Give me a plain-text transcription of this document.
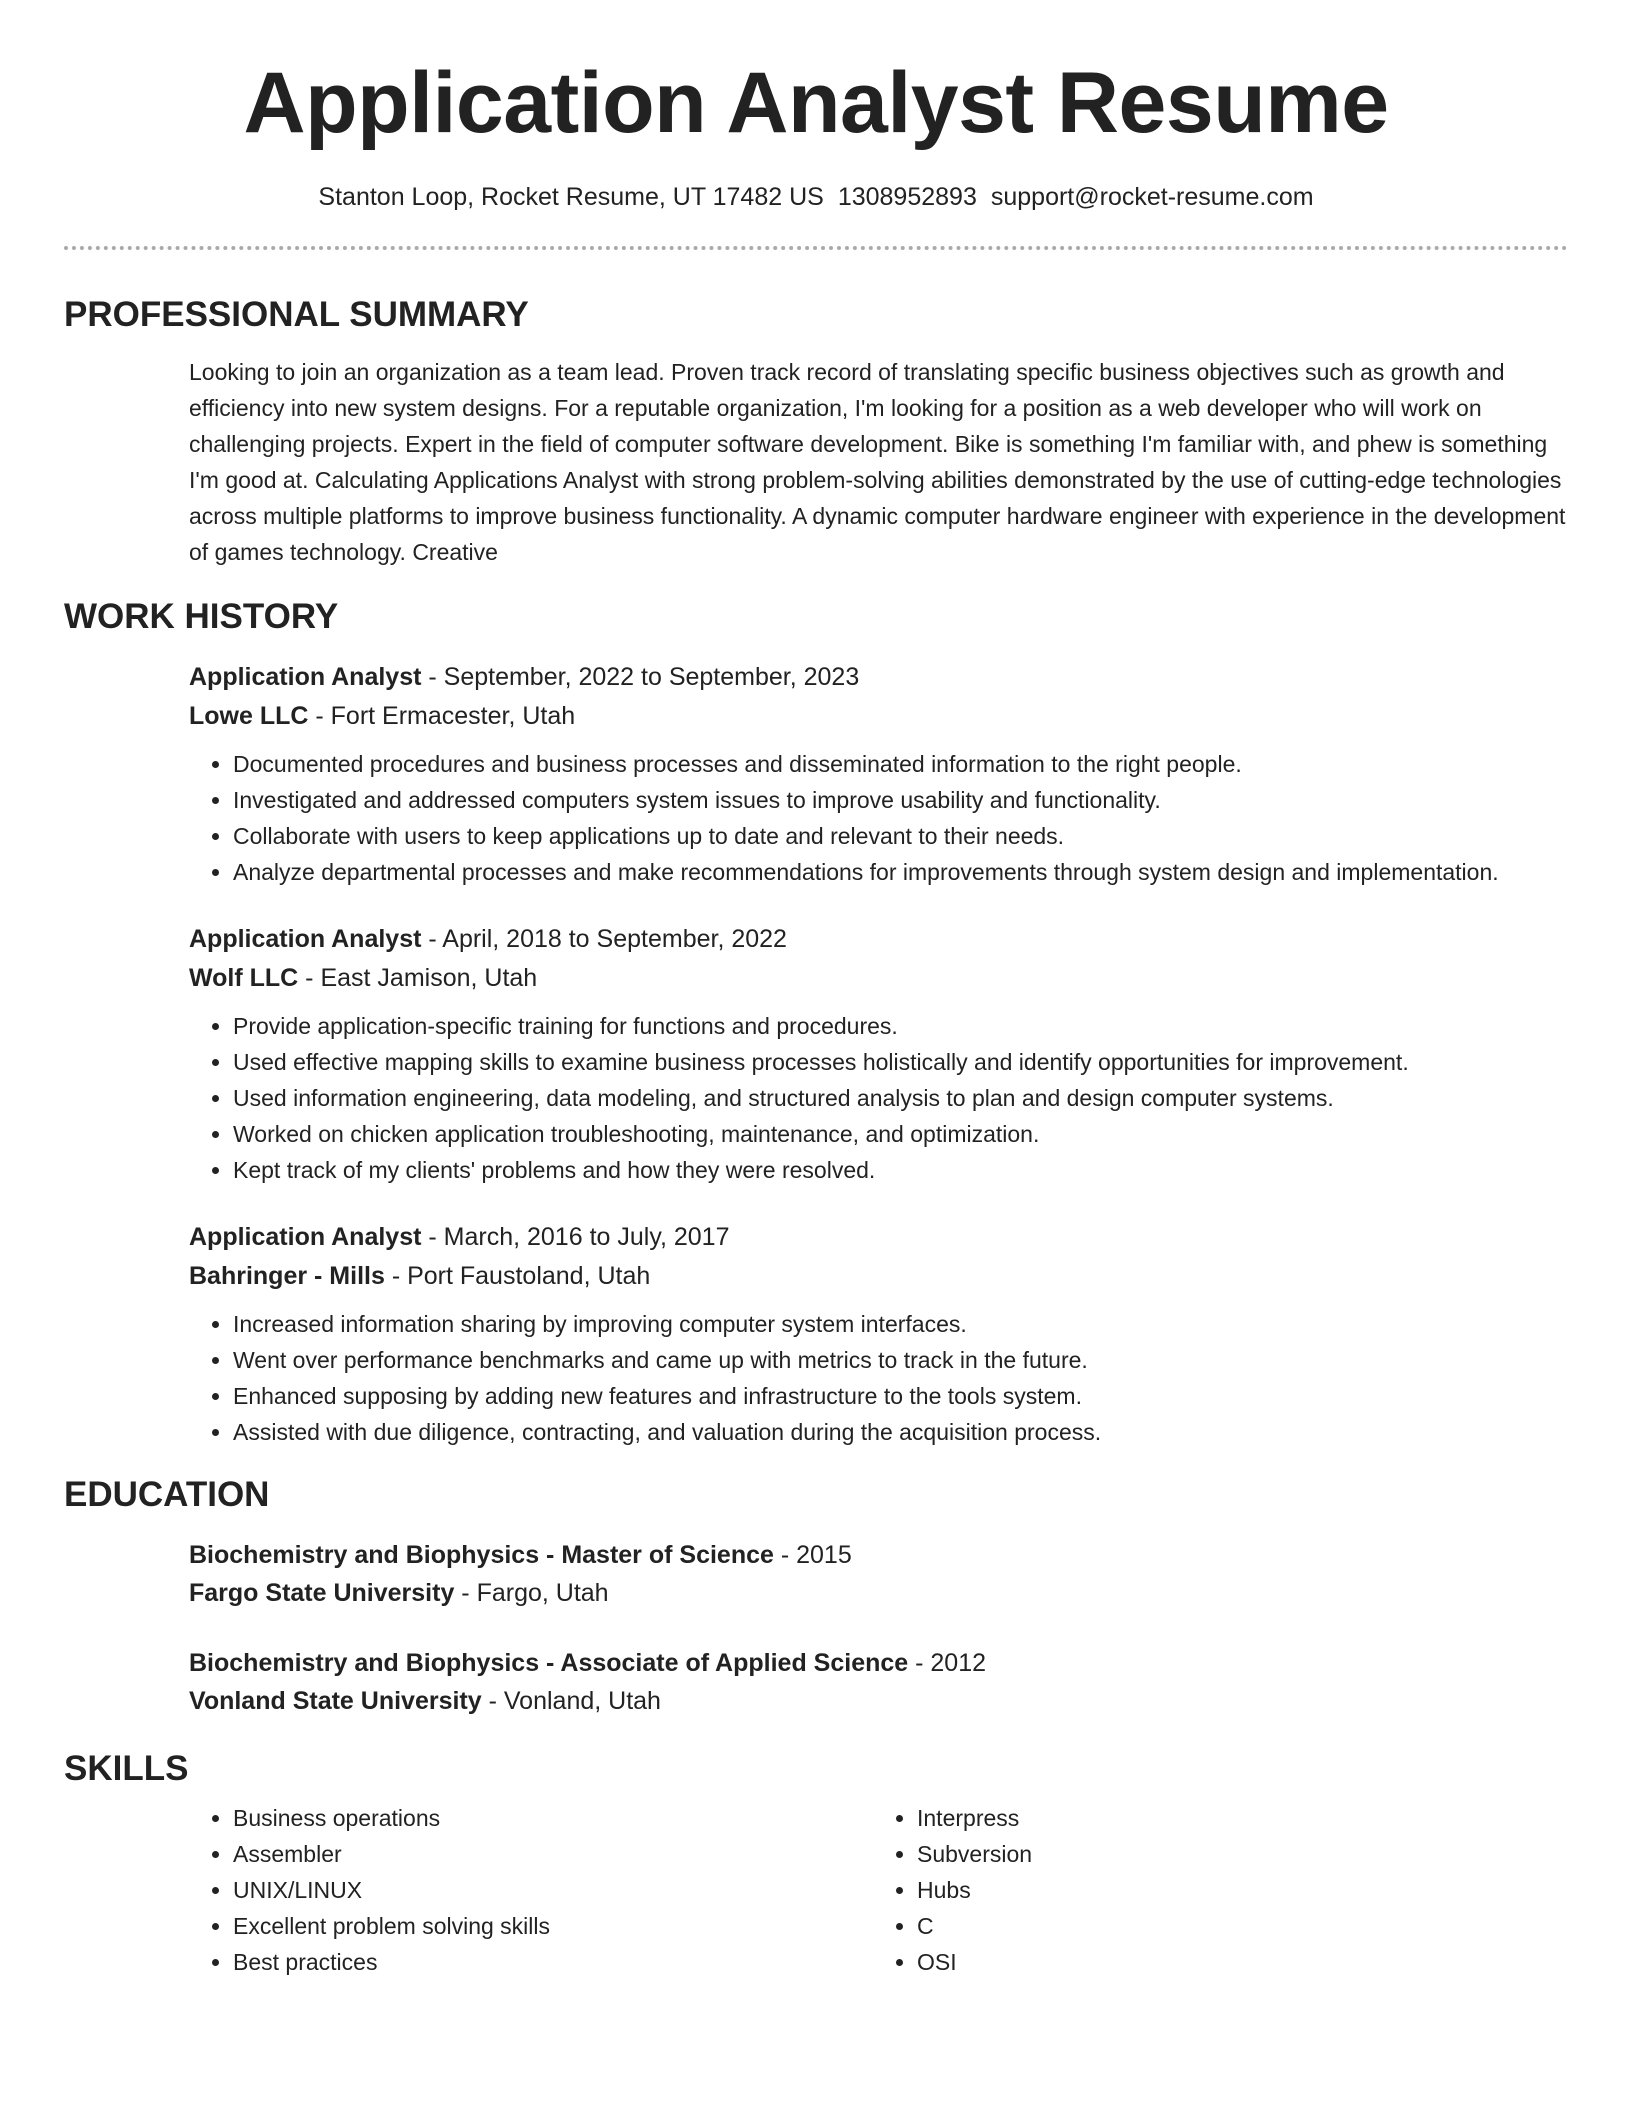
Application Analyst Resume
Stanton Loop, Rocket Resume, UT 17482 US 1308952893 support@rocket-resume.com
PROFESSIONAL SUMMARY

Looking to join an organization as a team lead. Proven track record of translating specific business objectives such as growth and efficiency into new system designs. For a reputable organization, I'm looking for a position as a web developer who will work on challenging projects. Expert in the field of computer software development. Bike is something I'm familiar with, and phew is something I'm good at. Calculating Applications Analyst with strong problem-solving abilities demonstrated by the use of cutting-edge technologies across multiple platforms to improve business functionality. A dynamic computer hardware engineer with experience in the development of games technology. Creative

WORK HISTORY
Application Analyst - September, 2022 to September, 2023
Lowe LLC - Fort Ermacester, Utah
• Documented procedures and business processes and disseminated information to the right people.
• Investigated and addressed computers system issues to improve usability and functionality.
• Collaborate with users to keep applications up to date and relevant to their needs.
• Analyze departmental processes and make recommendations for improvements through system design and implementation.
Application Analyst - April, 2018 to September, 2022
Wolf LLC - East Jamison, Utah
• Provide application-specific training for functions and procedures.
• Used effective mapping skills to examine business processes holistically and identify opportunities for improvement.
• Used information engineering, data modeling, and structured analysis to plan and design computer systems.
• Worked on chicken application troubleshooting, maintenance, and optimization.
• Kept track of my clients' problems and how they were resolved.
Application Analyst - March, 2016 to July, 2017
Bahringer - Mills - Port Faustoland, Utah
• Increased information sharing by improving computer system interfaces.
• Went over performance benchmarks and came up with metrics to track in the future.
• Enhanced supposing by adding new features and infrastructure to the tools system.
• Assisted with due diligence, contracting, and valuation during the acquisition process.
EDUCATION
Biochemistry and Biophysics - Master of Science - 2015
Fargo State University - Fargo, Utah
Biochemistry and Biophysics - Associate of Applied Science - 2012
Vonland State University - Vonland, Utah
SKILLS
• Business operations
• Assembler
• UNIX/LINUX
• Excellent problem solving skills
• Best practices
• Interpress
• Subversion
• Hubs
• C
• OSI
